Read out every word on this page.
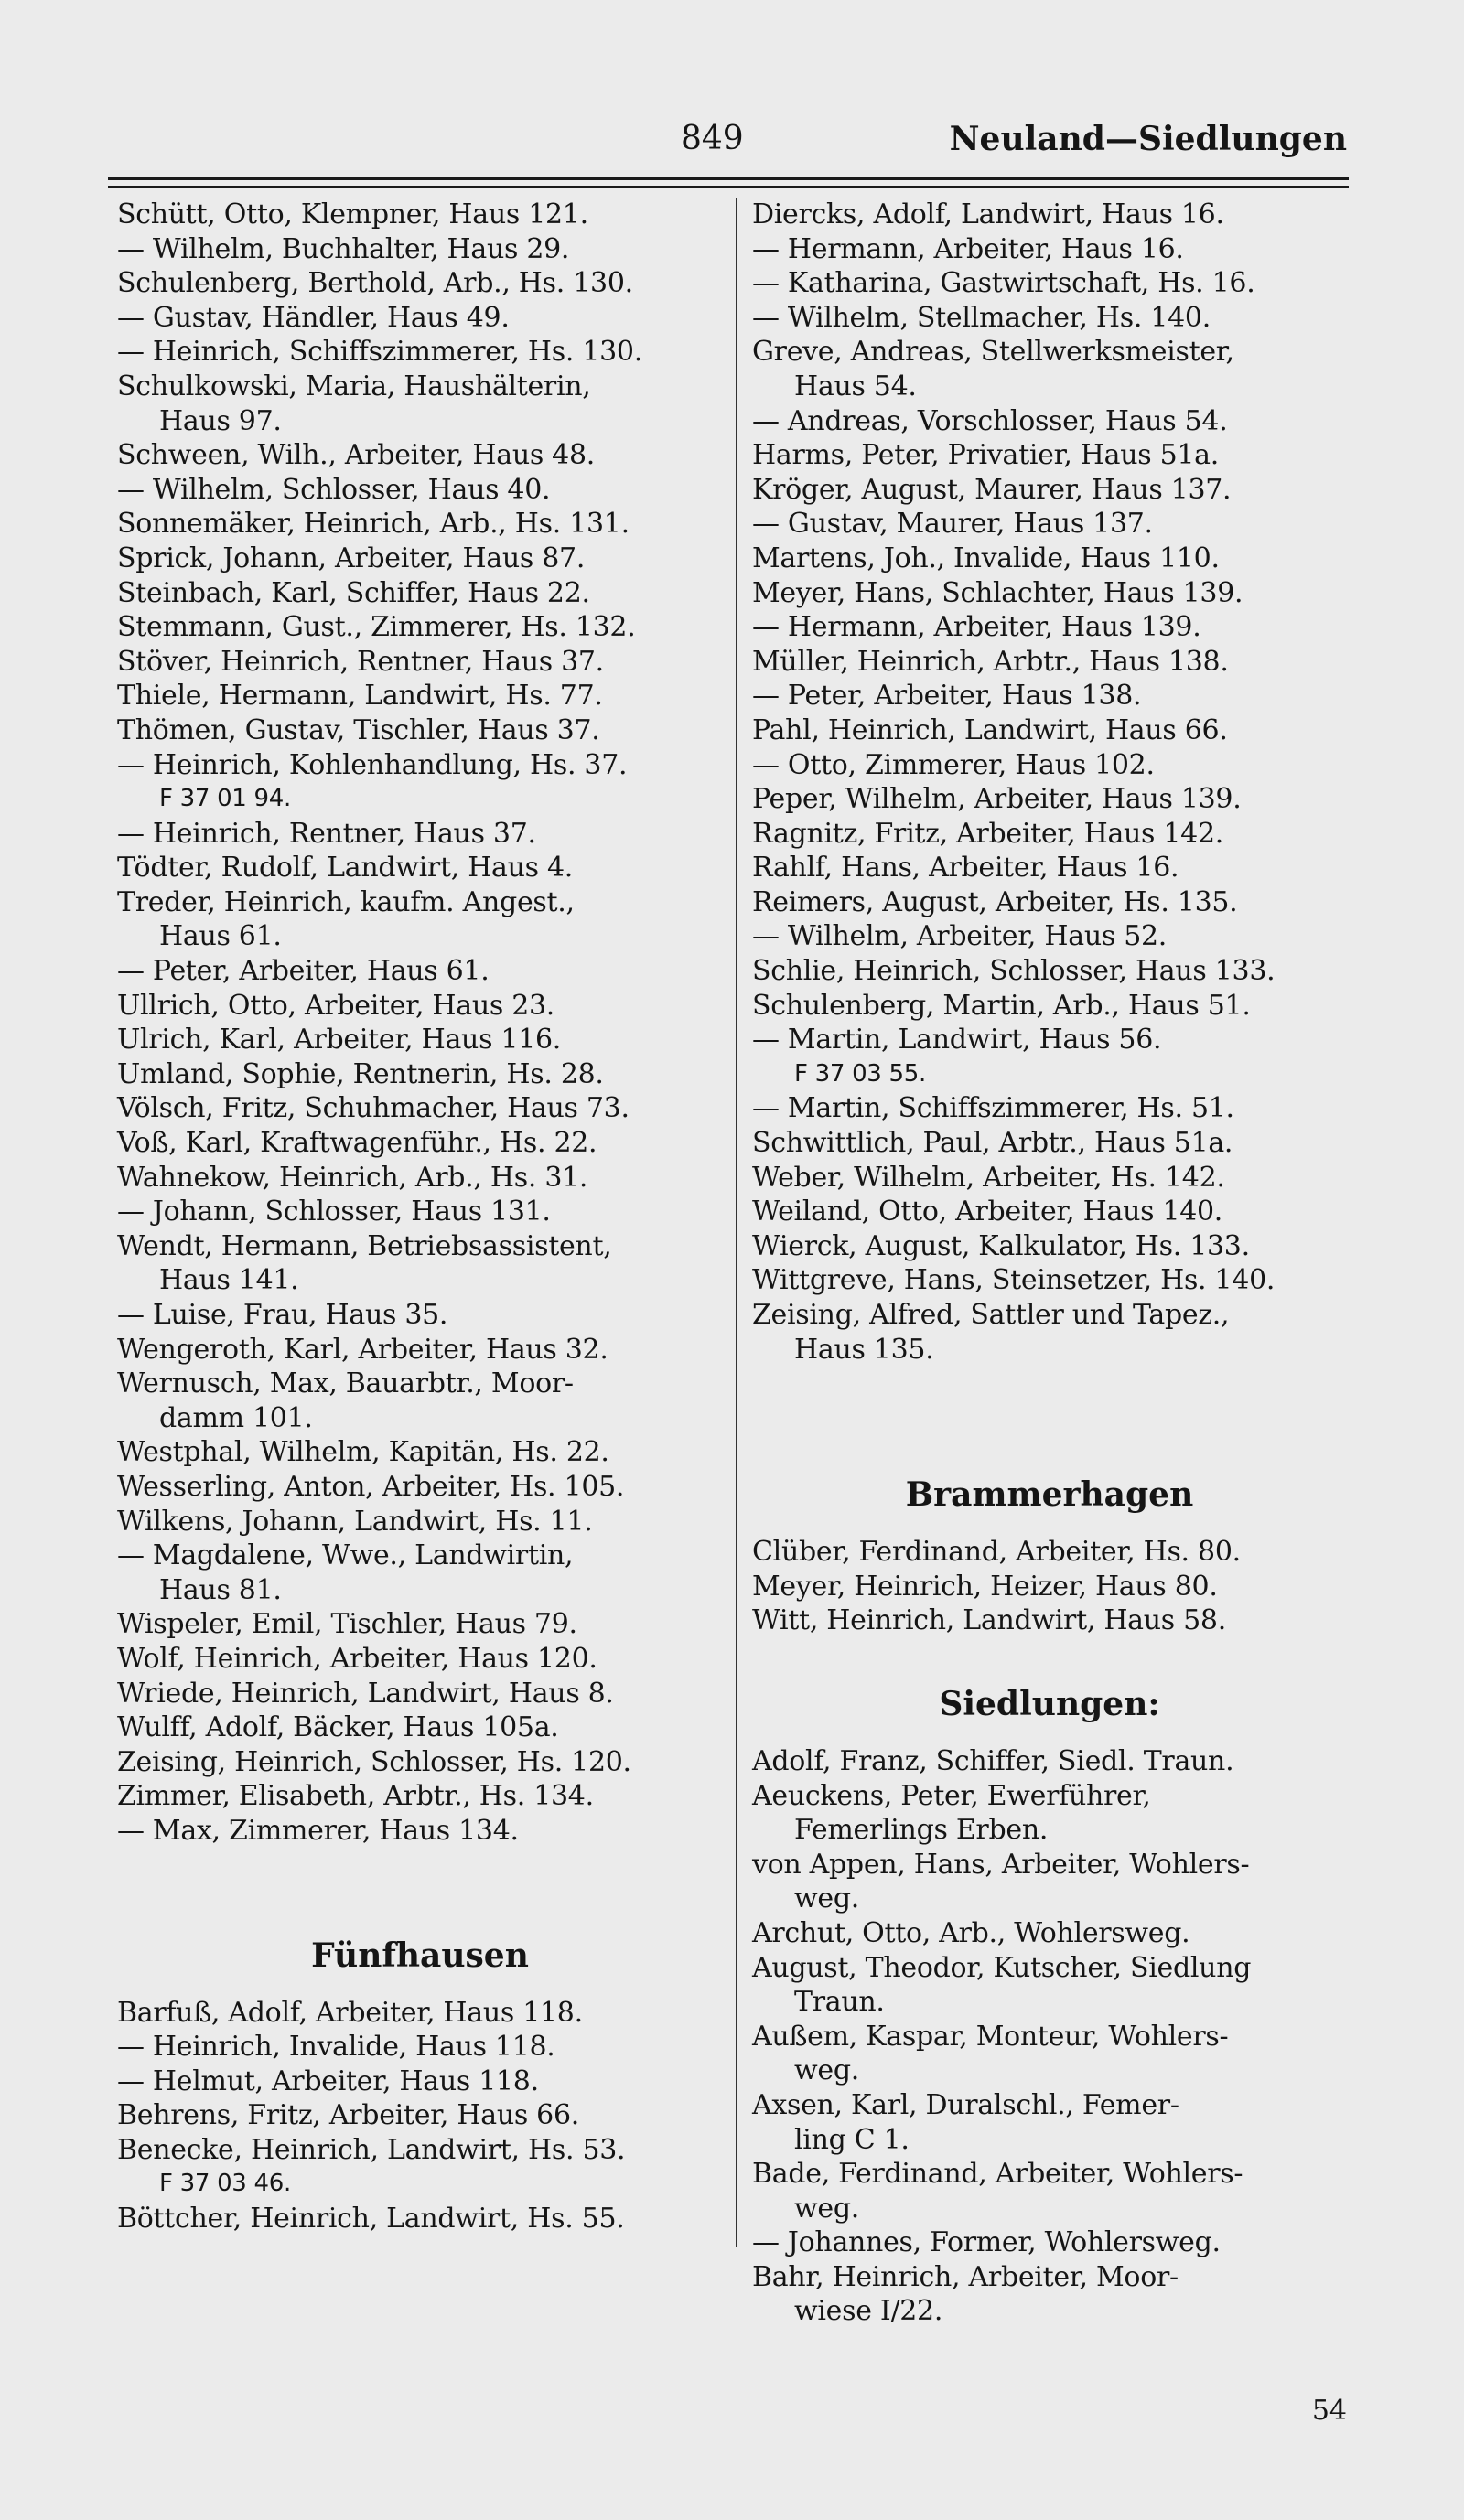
849	Neuland—Siedlungen
Schütt, Otto, Klempner, Haus 121.
— Wilhelm, Buchhalter, Haus 29.
Schulenberg, Berthold, Arb., Hs. 130.
— Gustav, Händler, Haus 49.
— Heinrich, Schiffszimmerer, Hs. 130.
Schulkowski, Maria, Haushälterin,
Haus 97.
Schween, Wilh., Arbeiter, Haus 48.
— Wilhelm, Schlosser, Haus 40.
Sonnemäker, Heinrich, Arb., Hs. 131.
Sprick, Johann, Arbeiter, Haus 87.
Steinbach, Karl, Schiffer, Haus 22.
Stemmann, Gust., Zimmerer, Hs. 132.
Stöver, Heinrich, Rentner, Haus 37.
Thiele, Hermann, Landwirt, Hs. 77.
Thömen, Gustav, Tischler, Haus 37.
— Heinrich, Kohlenhandlung, Hs. 37.
F 37 01 94.
— Heinrich, Rentner, Haus 37.
Tödter, Rudolf, Landwirt, Haus 4.
Treder, Heinrich, kaufm. Angest.,
Haus 61.
— Peter, Arbeiter, Haus 61.
Ullrich, Otto, Arbeiter, Haus 23.
Ulrich, Karl, Arbeiter, Haus 116.
Umland, Sophie, Rentnerin, Hs. 28.
Völsch, Fritz, Schuhmacher, Haus 73.
Voß, Karl, Kraftwagenführ., Hs. 22.
Wahnekow, Heinrich, Arb., Hs. 31.
— Johann, Schlosser, Haus 131.
Wendt, Hermann, Betriebsassistent,
Haus 141.
— Luise, Frau, Haus 35.
Wengeroth, Karl, Arbeiter, Haus 32.
Wernusch, Max, Bauarbtr., Moor-
damm 101.
Westphal, Wilhelm, Kapitän, Hs. 22.
Wesserling, Anton, Arbeiter, Hs. 105.
Wilkens, Johann, Landwirt, Hs. 11.
— Magdalene, Wwe., Landwirtin,
Haus 81.
Wispeler, Emil, Tischler, Haus 79.
Wolf, Heinrich, Arbeiter, Haus 120.
Wriede, Heinrich, Landwirt, Haus 8.
Wulff, Adolf, Bäcker, Haus 105a.
Zeising, Heinrich, Schlosser, Hs. 120.
Zimmer, Elisabeth, Arbtr., Hs. 134.
— Max, Zimmerer, Haus 134.
Fünfhausen
Barfuß, Adolf, Arbeiter, Haus 118.
— Heinrich, Invalide, Haus 118.
— Helmut, Arbeiter, Haus 118.
Behrens, Fritz, Arbeiter, Haus 66.
Benecke, Heinrich, Landwirt, Hs. 53.
F 37 03 46.
Böttcher, Heinrich, Landwirt, Hs. 55.
Diercks, Adolf, Landwirt, Haus 16.
— Hermann, Arbeiter, Haus 16.
— Katharina, Gastwirtschaft, Hs. 16.
— Wilhelm, Stellmacher, Hs. 140.
Greve, Andreas, Stellwerksmeister,
Haus 54.
— Andreas, Vorschlosser, Haus 54.
Harms, Peter, Privatier, Haus 51a.
Kröger, August, Maurer, Haus 137.
— Gustav, Maurer, Haus 137.
Martens, Joh., Invalide, Haus 110.
Meyer, Hans, Schlachter, Haus 139.
— Hermann, Arbeiter, Haus 139.
Müller, Heinrich, Arbtr., Haus 138.
— Peter, Arbeiter, Haus 138.
Pahl, Heinrich, Landwirt, Haus 66.
— Otto, Zimmerer, Haus 102.
Peper, Wilhelm, Arbeiter, Haus 139.
Ragnitz, Fritz, Arbeiter, Haus 142.
Rahlf, Hans, Arbeiter, Haus 16.
Reimers, August, Arbeiter, Hs. 135.
— Wilhelm, Arbeiter, Haus 52.
Schlie, Heinrich, Schlosser, Haus 133.
Schulenberg, Martin, Arb., Haus 51.
— Martin, Landwirt, Haus 56.
F 37 03 55.
— Martin, Schiffszimmerer, Hs. 51.
Schwittlich, Paul, Arbtr., Haus 51a.
Weber, Wilhelm, Arbeiter, Hs. 142.
Weiland, Otto, Arbeiter, Haus 140.
Wierck, August, Kalkulator, Hs. 133.
Wittgreve, Hans, Steinsetzer, Hs. 140.
Zeising, Alfred, Sattler und Tapez.,
Haus 135.
Brammerhagen
Clüber, Ferdinand, Arbeiter, Hs. 80.
Meyer, Heinrich, Heizer, Haus 80.
Witt, Heinrich, Landwirt, Haus 58.
Siedlungen:
Adolf, Franz, Schiffer, Siedl. Traun.
Aeuckens, Peter, Ewerführer,
Femerlings Erben.
von Appen, Hans, Arbeiter, Wohlers-
weg.
Archut, Otto, Arb., Wohlersweg.
August, Theodor, Kutscher, Siedlung
Traun.
Außem, Kaspar, Monteur, Wohlers-
weg.
Axsen, Karl, Duralschl., Femer-
ling C 1.
Bade, Ferdinand, Arbeiter, Wohlers-
weg.
— Johannes, Former, Wohlersweg.
Bahr, Heinrich, Arbeiter, Moor-
wiese I/22.
54
